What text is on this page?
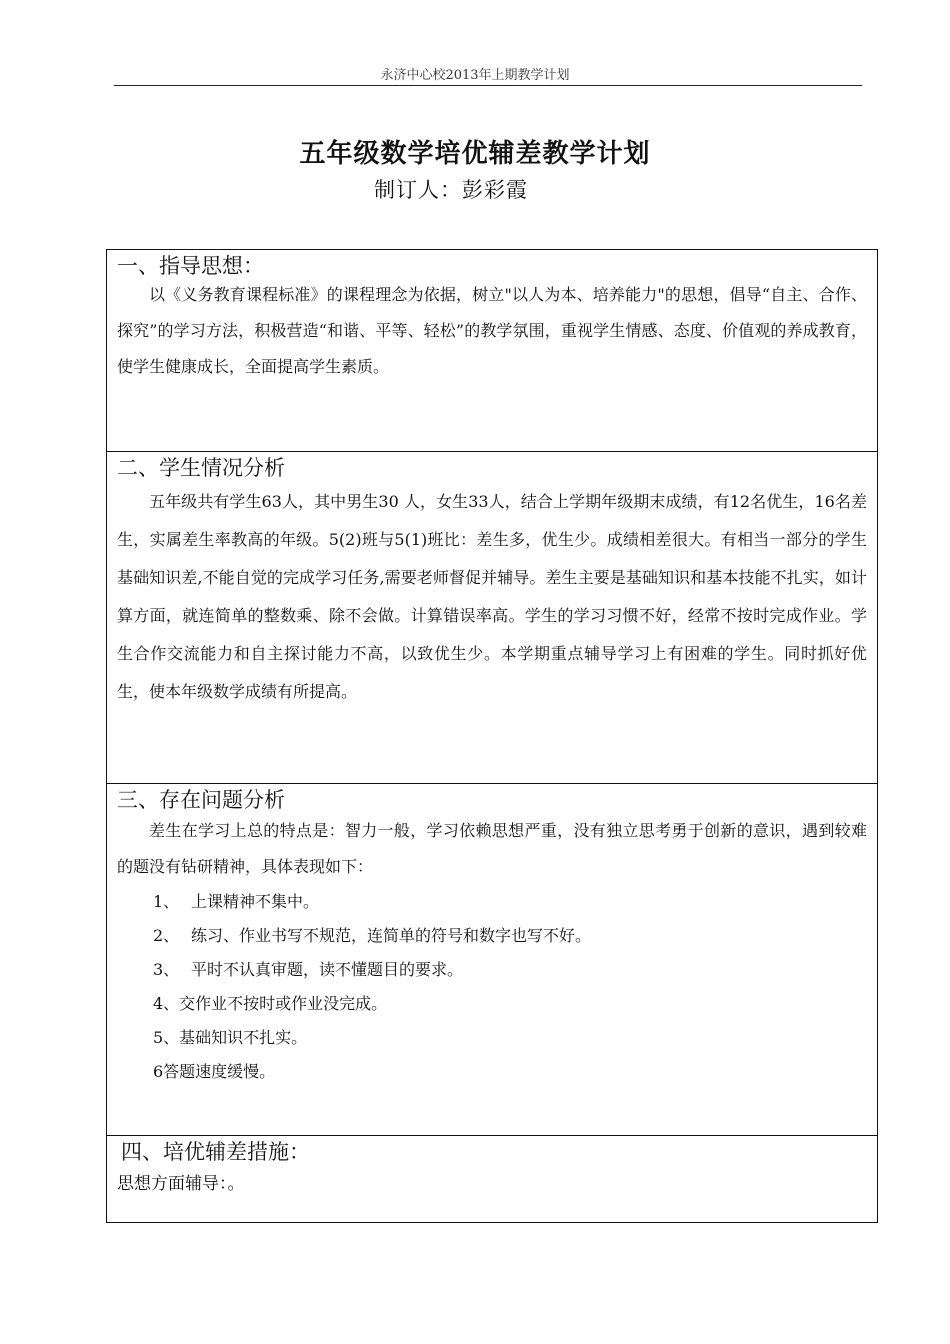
永济中心校2013年上期教学计划
五年级数学培优辅差教学计划
制订人：彭彩霞
一、指导思想：

以《义务教育课程标准》的课程理念为依据，树立"以人为本、培养能力"的思想，倡导“自主、合作、探究”的学习方法，积极营造“和谐、平等、轻松”的教学氛围，重视学生情感、态度、价值观的养成教育，使学生健康成长，全面提高学生素质。

二、学生情况分析

五年级共有学生63人，其中男生30 人，女生33人，结合上学期年级期末成绩，有12名优生，16名差生，实属差生率教高的年级。5(2)班与5(1)班比：差生多，优生少。成绩相差很大。有相当一部分的学生基础知识差,不能自觉的完成学习任务,需要老师督促并辅导。差生主要是基础知识和基本技能不扎实，如计算方面，就连简单的整数乘、除不会做。计算错误率高。学生的学习习惯不好，经常不按时完成作业。学生合作交流能力和自主探讨能力不高，以致优生少。本学期重点辅导学习上有困难的学生。同时抓好优生，使本年级数学成绩有所提高。

三、存在问题分析

差生在学习上总的特点是：智力一般，学习依赖思想严重，没有独立思考勇于创新的意识，遇到较难的题没有钻研精神，具体表现如下：

1、 上课精神不集中。
2、 练习、作业书写不规范，连简单的符号和数字也写不好。
3、 平时不认真审题，读不懂题目的要求。
4、交作业不按时或作业没完成。
5、基础知识不扎实。
6答题速度缓慢。
四、培优辅差措施：
思想方面辅导：。
